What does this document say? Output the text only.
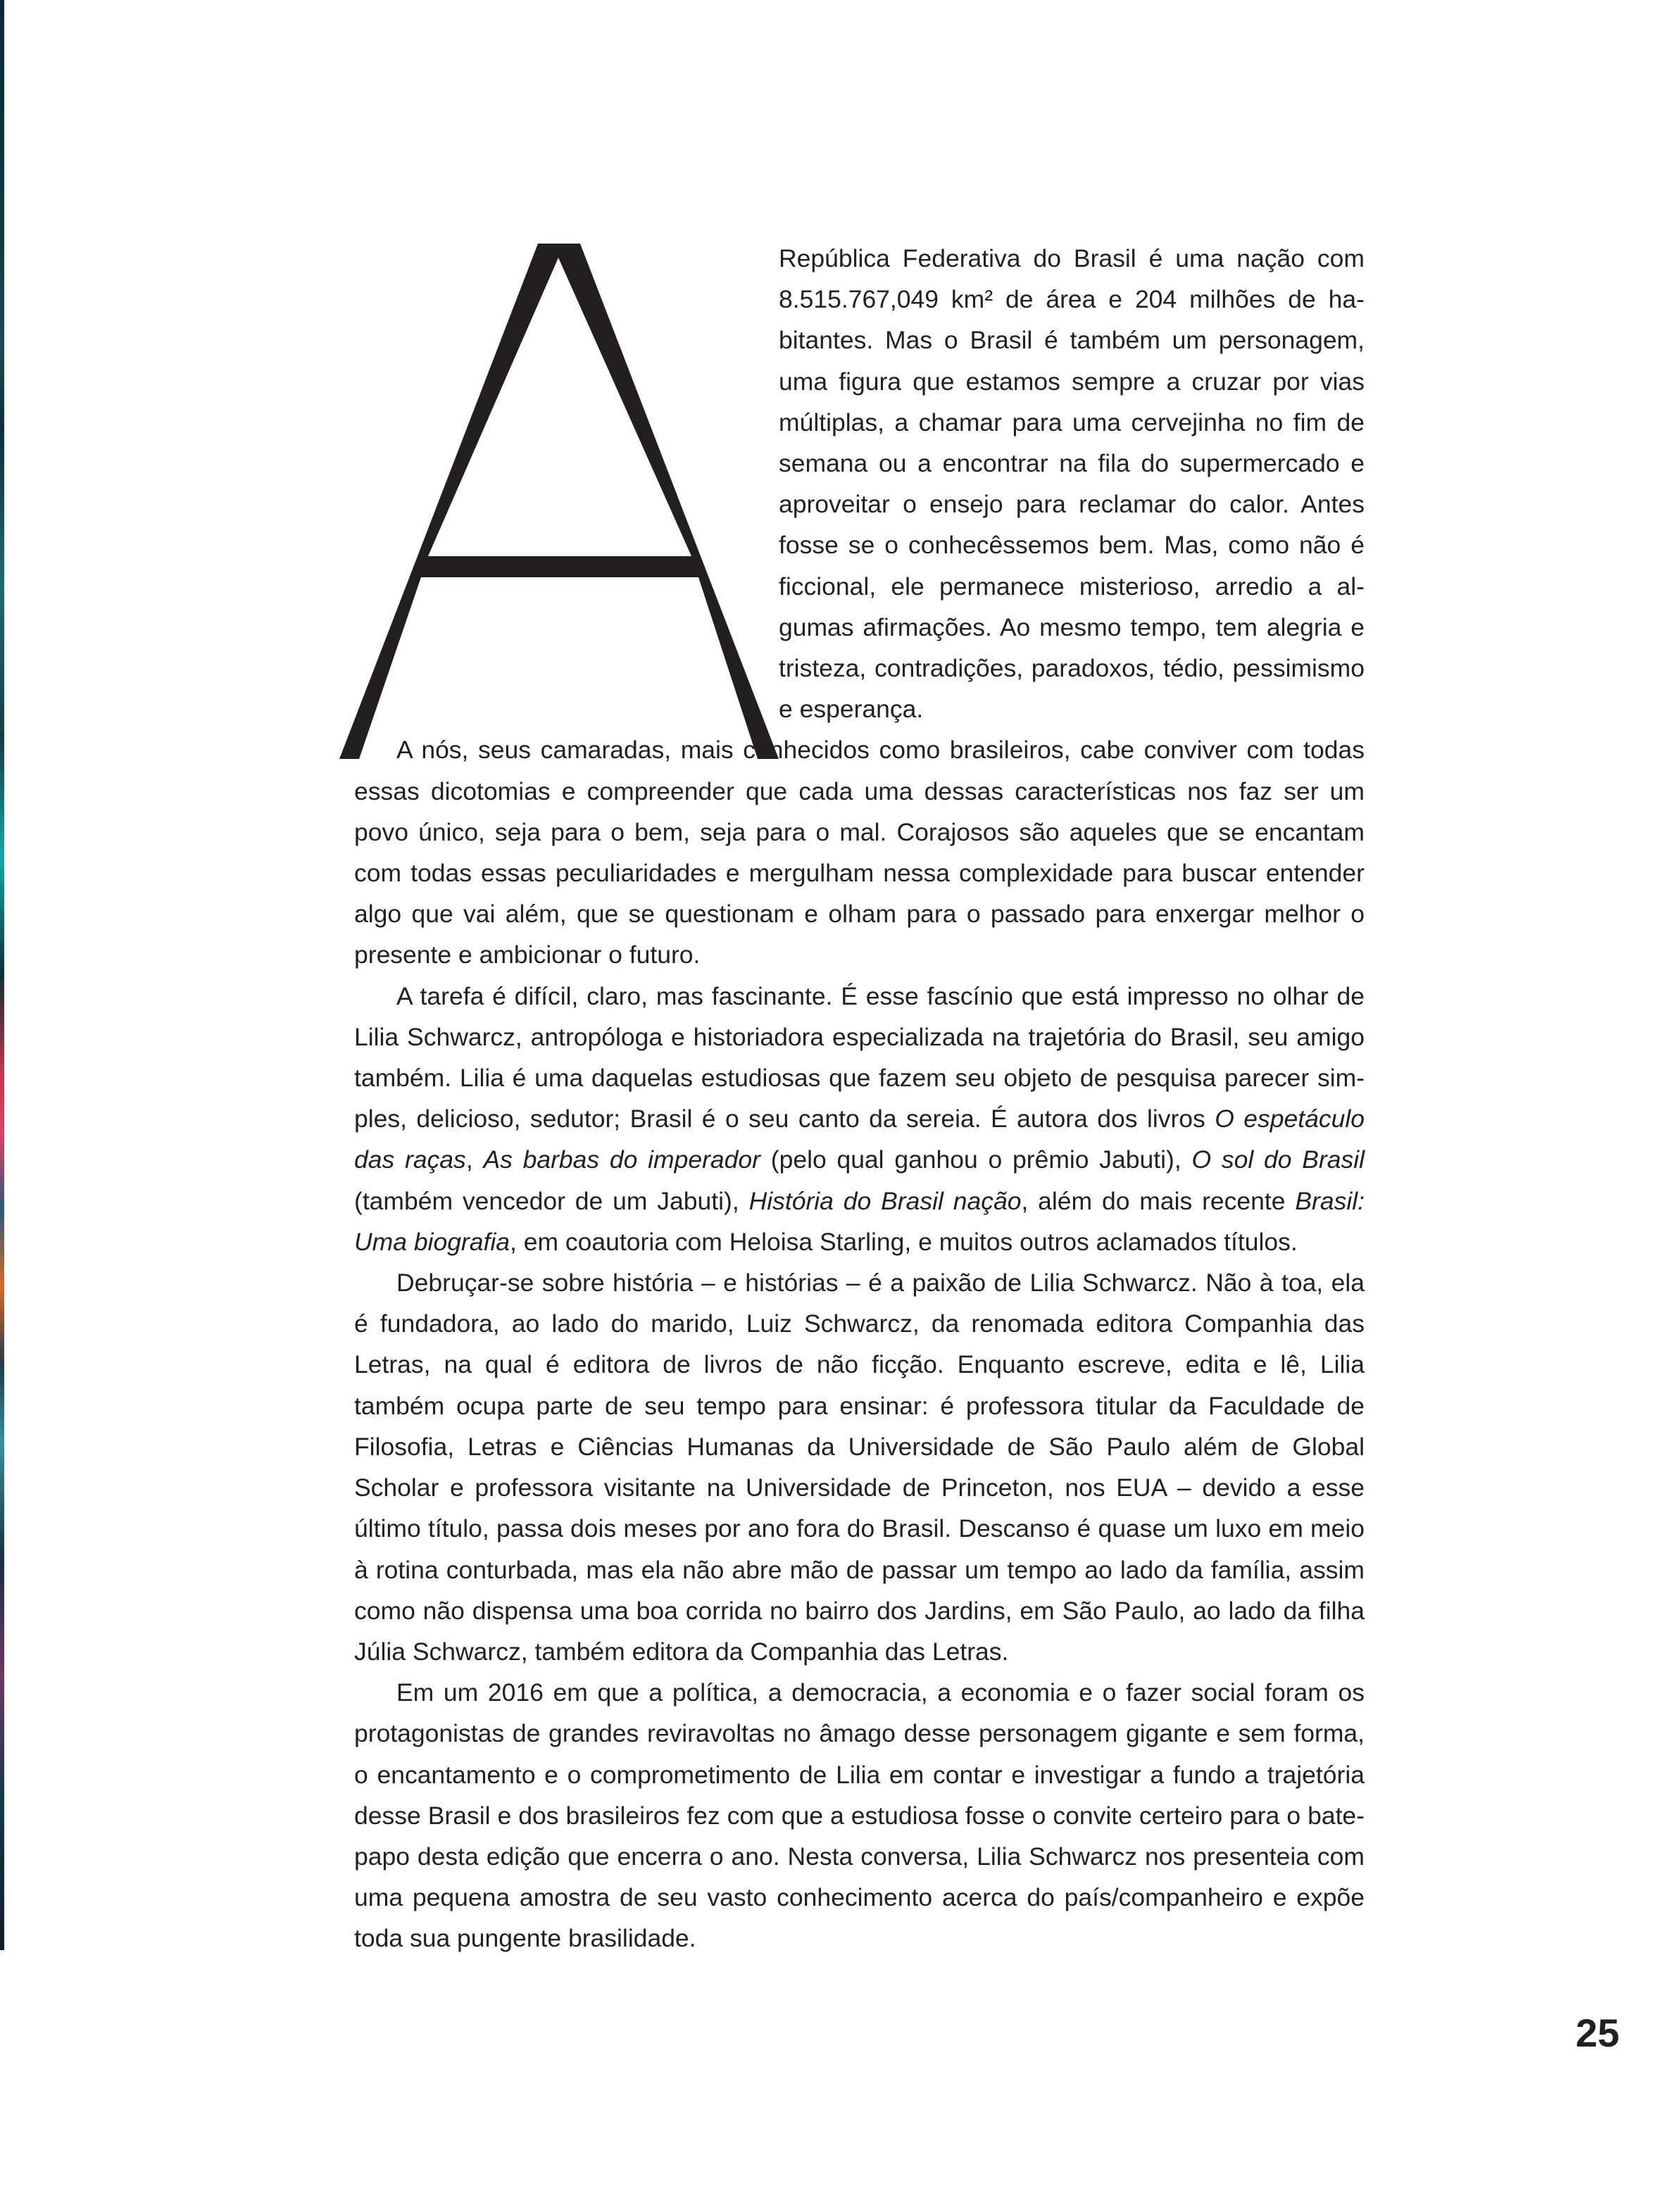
República Federativa do Brasil é uma nação com 8.515.767,049 km² de área e 204 milhões de habitantes. Mas o Brasil é também um personagem, uma figura que estamos sempre a cruzar por vias múltiplas, a chamar para uma cervejinha no fim de semana ou a encontrar na fila do supermercado e aproveitar o ensejo para reclamar do calor. Antes fosse se o conhecêssemos bem. Mas, como não é ficcional, ele permanece misterioso, arredio a algumas afirmações. Ao mesmo tempo, tem alegria e tristeza, contradições, paradoxos, tédio, pessimismo e esperança.

A nós, seus camaradas, mais conhecidos como brasileiros, cabe conviver com todas essas dicotomias e compreender que cada uma dessas características nos faz ser um povo único, seja para o bem, seja para o mal. Corajosos são aqueles que se encantam com todas essas peculiaridades e mergulham nessa complexidade para buscar entender algo que vai além, que se questionam e olham para o passado para enxergar melhor o presente e ambicionar o futuro.

A tarefa é difícil, claro, mas fascinante. É esse fascínio que está impresso no olhar de Lilia Schwarcz, antropóloga e historiadora especializada na trajetória do Brasil, seu amigo também. Lilia é uma daquelas estudiosas que fazem seu objeto de pesquisa parecer simples, delicioso, sedutor; Brasil é o seu canto da sereia. É autora dos livros O espetáculo das raças, As barbas do imperador (pelo qual ganhou o prêmio Jabuti), O sol do Brasil (também vencedor de um Jabuti), História do Brasil nação, além do mais recente Brasil: Uma biografia, em coautoria com Heloisa Starling, e muitos outros aclamados títulos.

Debruçar-se sobre história – e histórias – é a paixão de Lilia Schwarcz. Não à toa, ela é fundadora, ao lado do marido, Luiz Schwarcz, da renomada editora Companhia das Letras, na qual é editora de livros de não ficção. Enquanto escreve, edita e lê, Lilia também ocupa parte de seu tempo para ensinar: é professora titular da Faculdade de Filosofia, Letras e Ciências Humanas da Universidade de São Paulo além de Global Scholar e professora visitante na Universidade de Princeton, nos EUA – devido a esse último título, passa dois meses por ano fora do Brasil. Descanso é quase um luxo em meio à rotina conturbada, mas ela não abre mão de passar um tempo ao lado da família, assim como não dispensa uma boa corrida no bairro dos Jardins, em São Paulo, ao lado da filha Júlia Schwarcz, também editora da Companhia das Letras.

Em um 2016 em que a política, a democracia, a economia e o fazer social foram os protagonistas de grandes reviravoltas no âmago desse personagem gigante e sem forma, o encantamento e o comprometimento de Lilia em contar e investigar a fundo a trajetória desse Brasil e dos brasileiros fez com que a estudiosa fosse o convite certeiro para o bate-papo desta edição que encerra o ano. Nesta conversa, Lilia Schwarcz nos presenteia com uma pequena amostra de seu vasto conhecimento acerca do país/companheiro e expõe toda sua pungente brasilidade.

25
